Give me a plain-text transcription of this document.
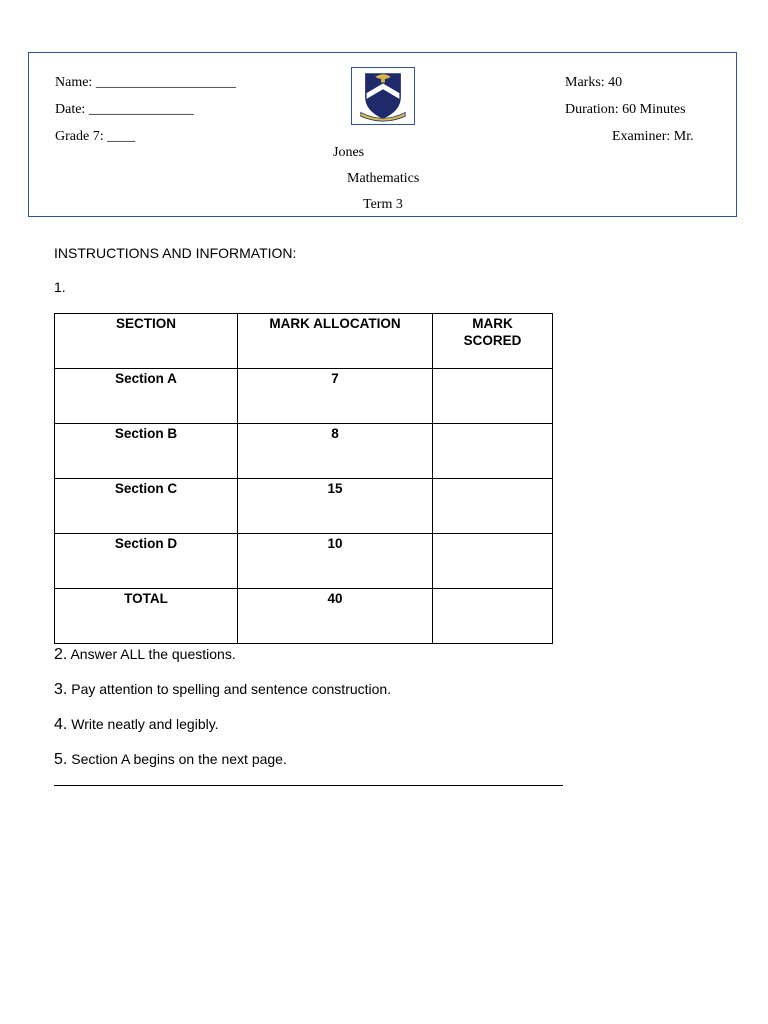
Name: ____________________
Date: _______________
Grade 7: ____
Marks: 40
Duration: 60 Minutes
Examiner: Mr.
Jones
Mathematics
Term 3
INSTRUCTIONS AND INFORMATION:
1.
SECTION	MARK ALLOCATION	MARK SCORED

Section A	7	

Section B	8	

Section C	15	

Section D	10	

TOTAL	40	

2. Answer ALL the questions.
3. Pay attention to spelling and sentence construction.
4. Write neatly and legibly.
5. Section A begins on the next page.
